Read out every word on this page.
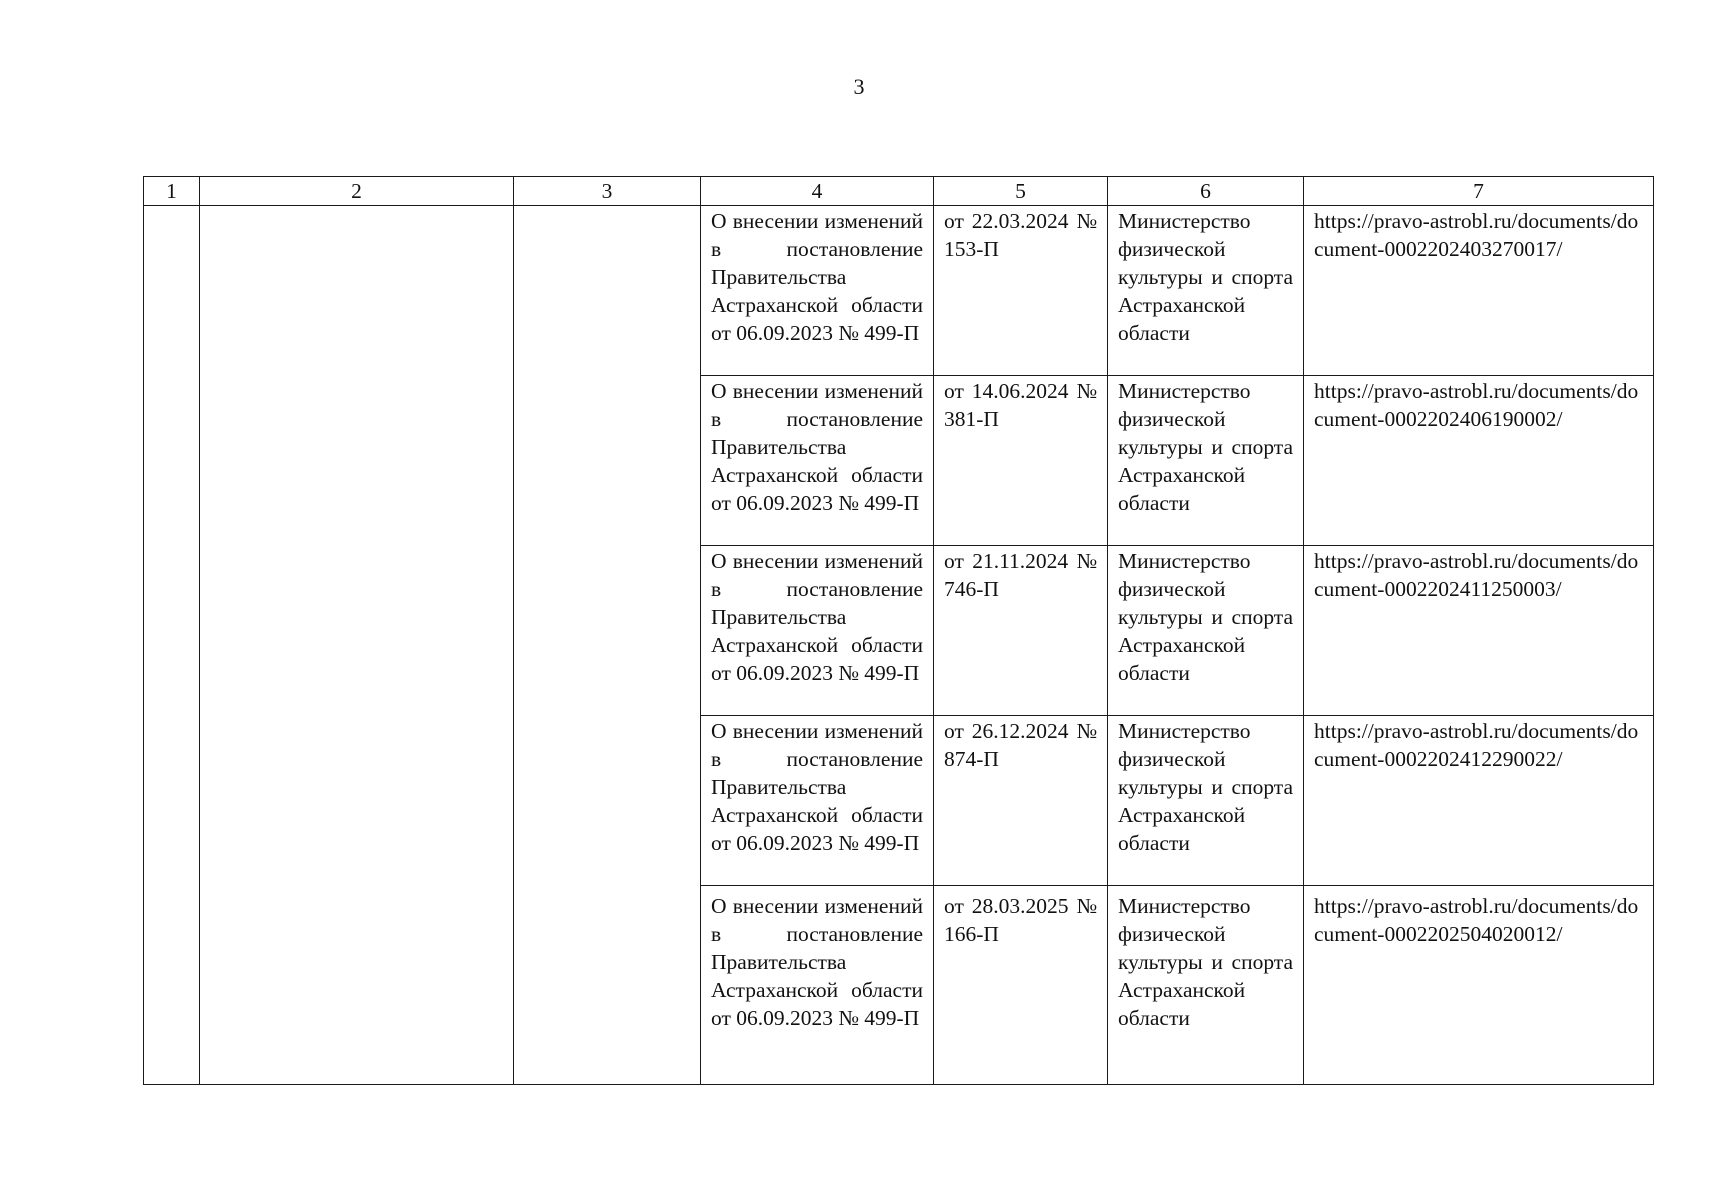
3
1	2	3	4	5	6	7
			О внесении изменений в постановление Правительства Астраханской области от 06.09.2023 № 499-П	от 22.03.2024 № 153-П	Министерство физической культуры и спорта Астраханской области	https://pravo-astrobl.ru/documents/document-0002202403270017/
			О внесении изменений в постановление Правительства Астраханской области от 06.09.2023 № 499-П	от 14.06.2024 № 381-П	Министерство физической культуры и спорта Астраханской области	https://pravo-astrobl.ru/documents/document-0002202406190002/
			О внесении изменений в постановление Правительства Астраханской области от 06.09.2023 № 499-П	от 21.11.2024 № 746-П	Министерство физической культуры и спорта Астраханской области	https://pravo-astrobl.ru/documents/document-0002202411250003/
			О внесении изменений в постановление Правительства Астраханской области от 06.09.2023 № 499-П	от 26.12.2024 № 874-П	Министерство физической культуры и спорта Астраханской области	https://pravo-astrobl.ru/documents/document-0002202412290022/
			О внесении изменений в постановление Правительства Астраханской области от 06.09.2023 № 499-П	от 28.03.2025 № 166-П	Министерство физической культуры и спорта Астраханской области	https://pravo-astrobl.ru/documents/document-0002202504020012/
